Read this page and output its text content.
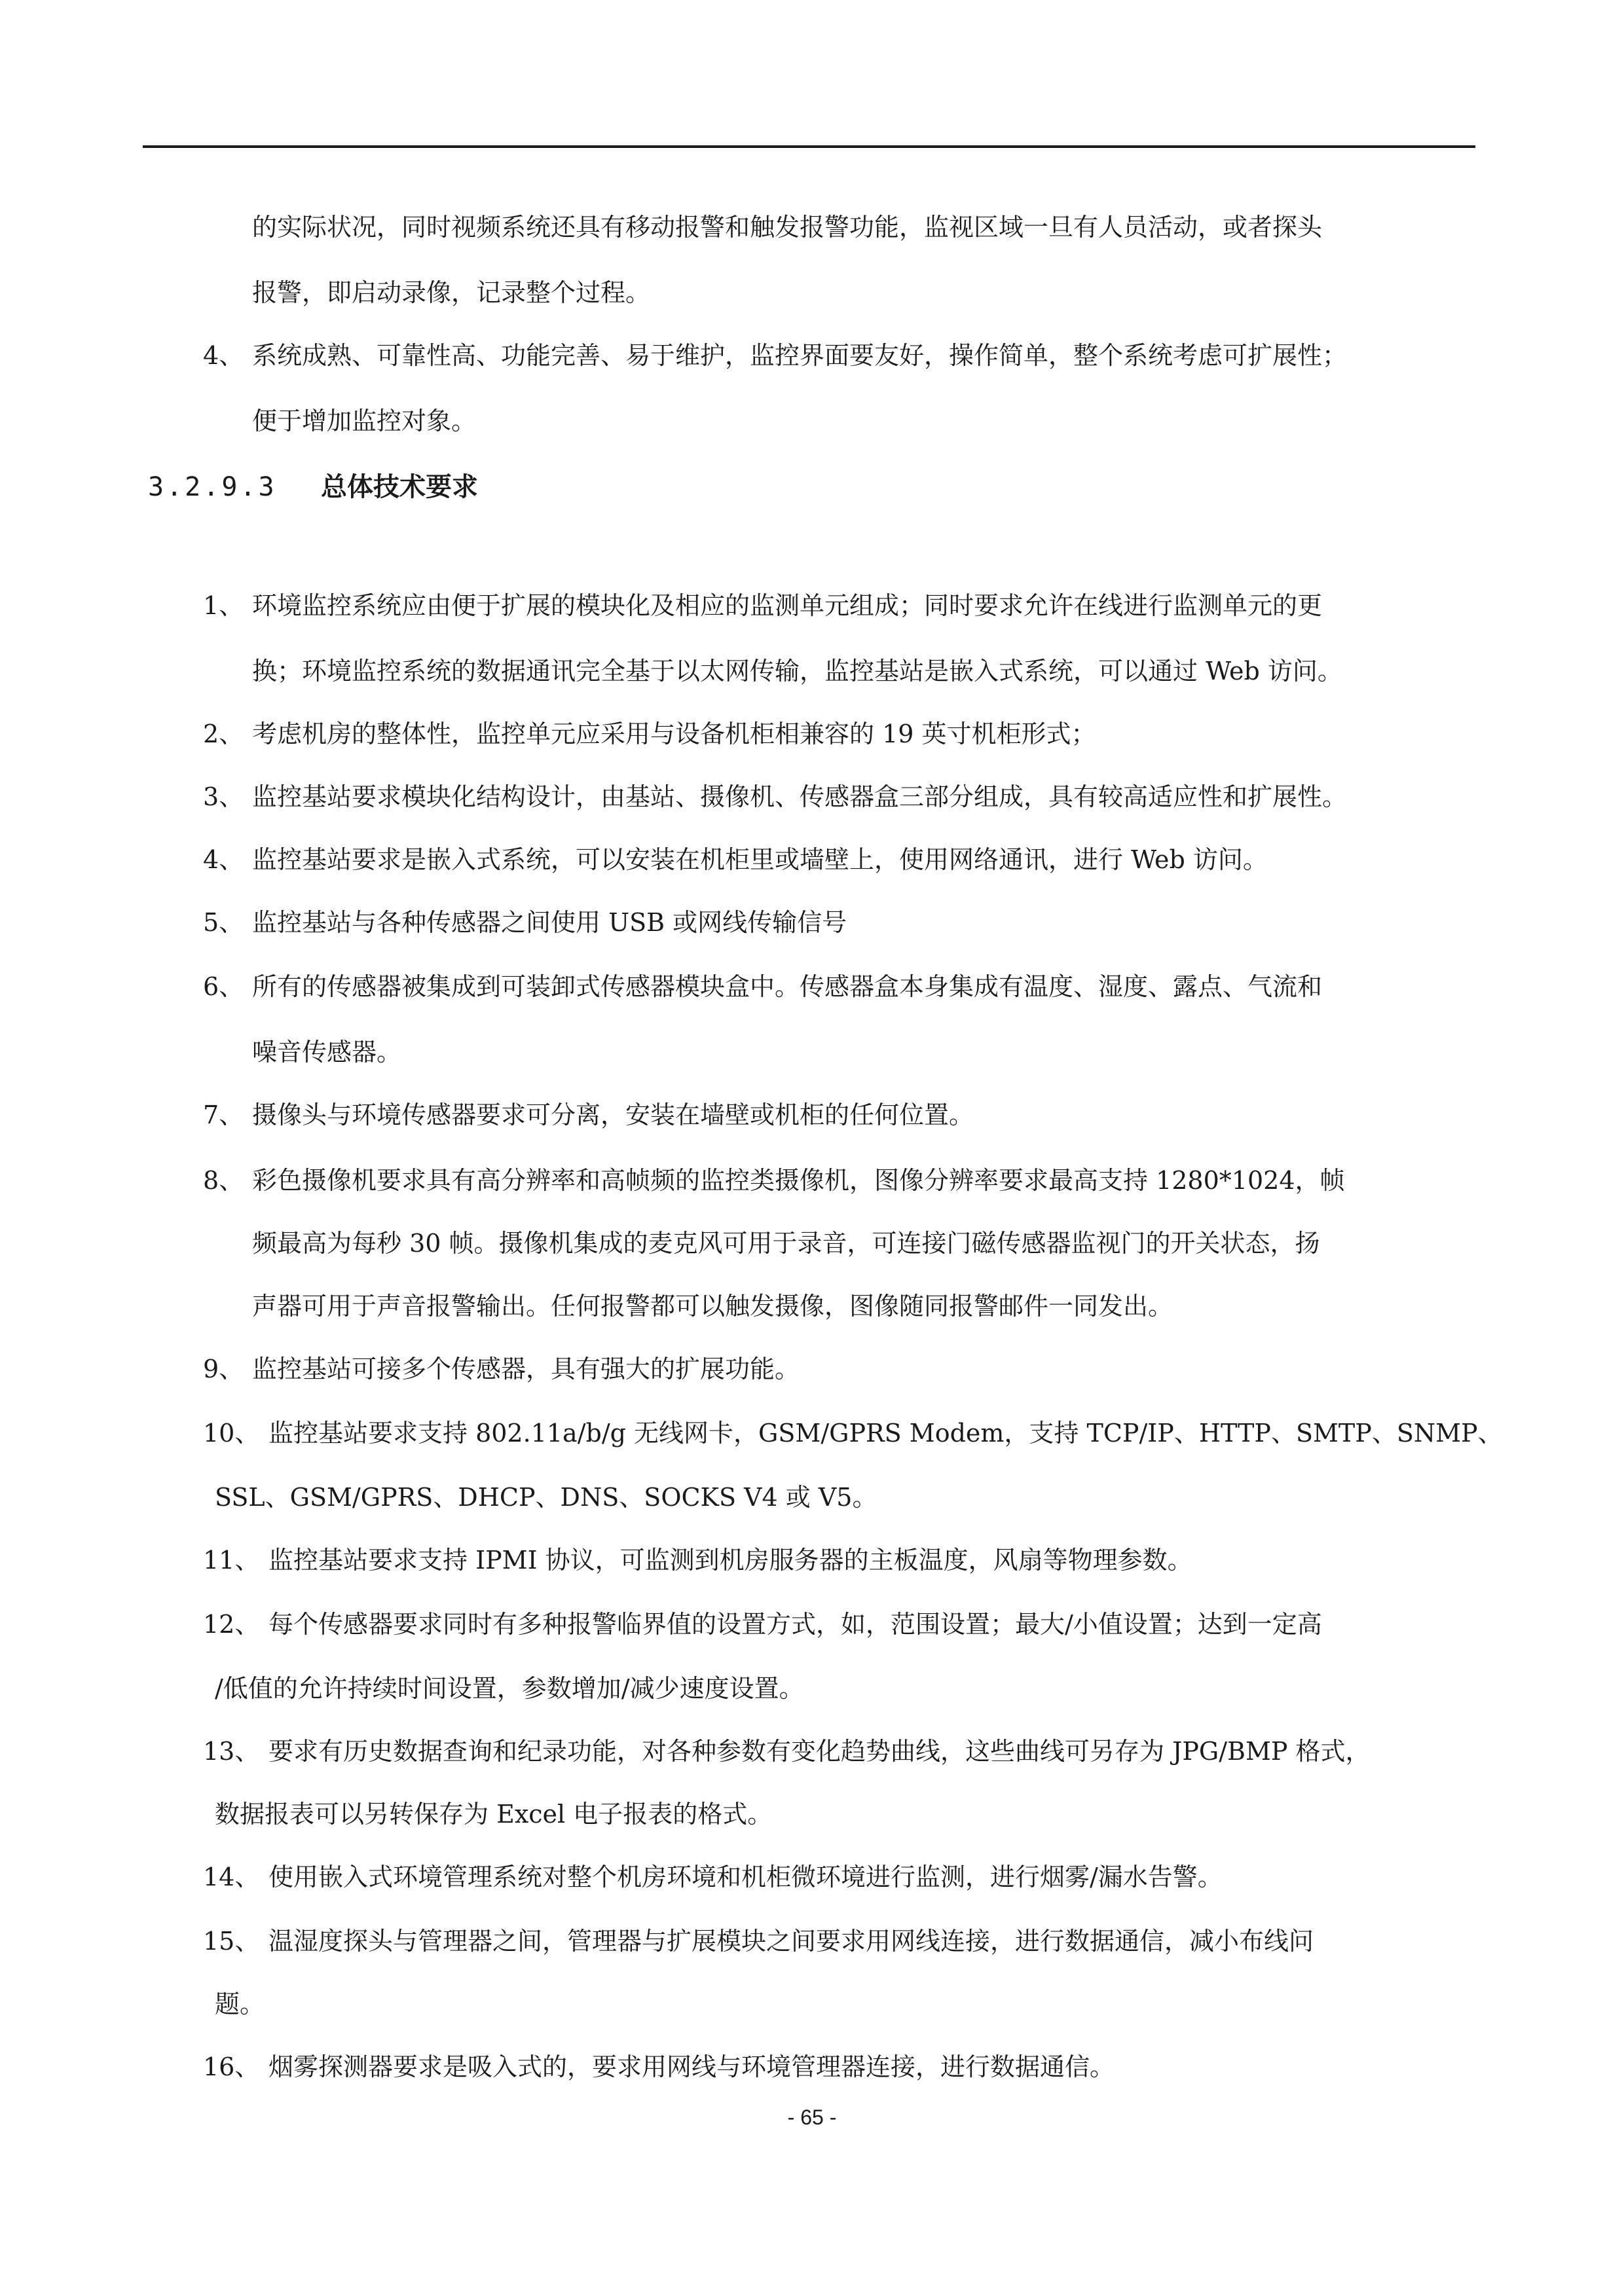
的实际状况，同时视频系统还具有移动报警和触发报警功能，监视区域一旦有人员活动，或者探头
报警，即启动录像，记录整个过程。
4、 系统成熟、可靠性高、功能完善、易于维护，监控界面要友好，操作简单，整个系统考虑可扩展性；
便于增加监控对象。
3.2.9.3 总体技术要求
1、 环境监控系统应由便于扩展的模块化及相应的监测单元组成；同时要求允许在线进行监测单元的更
换；环境监控系统的数据通讯完全基于以太网传输，监控基站是嵌入式系统，可以通过 Web 访问。
2、 考虑机房的整体性，监控单元应采用与设备机柜相兼容的 19 英寸机柜形式；
3、 监控基站要求模块化结构设计，由基站、摄像机、传感器盒三部分组成，具有较高适应性和扩展性。
4、 监控基站要求是嵌入式系统，可以安装在机柜里或墙壁上，使用网络通讯，进行 Web 访问。
5、 监控基站与各种传感器之间使用 USB 或网线传输信号
6、 所有的传感器被集成到可装卸式传感器模块盒中。传感器盒本身集成有温度、湿度、露点、气流和
噪音传感器。
7、 摄像头与环境传感器要求可分离，安装在墙壁或机柜的任何位置。
8、 彩色摄像机要求具有高分辨率和高帧频的监控类摄像机，图像分辨率要求最高支持 1280*1024，帧
频最高为每秒 30 帧。摄像机集成的麦克风可用于录音，可连接门磁传感器监视门的开关状态，扬
声器可用于声音报警输出。任何报警都可以触发摄像，图像随同报警邮件一同发出。
9、 监控基站可接多个传感器，具有强大的扩展功能。
10、 监控基站要求支持 802.11a/b/g 无线网卡，GSM/GPRS Modem，支持 TCP/IP、HTTP、SMTP、SNMP、
SSL、GSM/GPRS、DHCP、DNS、SOCKS V4 或 V5。
11、 监控基站要求支持 IPMI 协议，可监测到机房服务器的主板温度，风扇等物理参数。
12、 每个传感器要求同时有多种报警临界值的设置方式，如，范围设置；最大/小值设置；达到一定高
/低值的允许持续时间设置，参数增加/减少速度设置。
13、 要求有历史数据查询和纪录功能，对各种参数有变化趋势曲线，这些曲线可另存为 JPG/BMP 格式，
数据报表可以另转保存为 Excel 电子报表的格式。
14、 使用嵌入式环境管理系统对整个机房环境和机柜微环境进行监测，进行烟雾/漏水告警。
15、 温湿度探头与管理器之间，管理器与扩展模块之间要求用网线连接，进行数据通信，减小布线问
题。
16、 烟雾探测器要求是吸入式的，要求用网线与环境管理器连接，进行数据通信。
- 65 -
